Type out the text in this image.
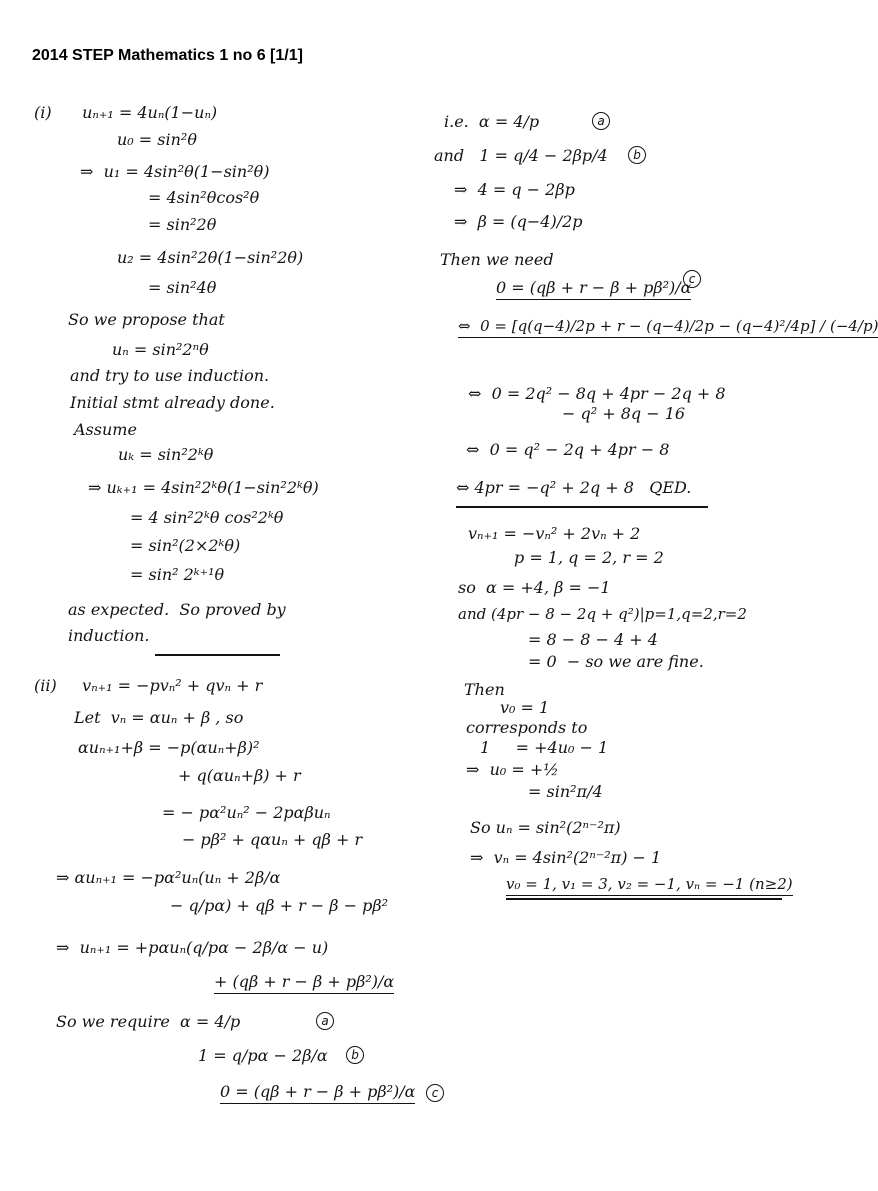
2014 STEP Mathematics 1 no 6 [1/1]
(i)      uₙ₊₁ = 4uₙ(1−uₙ)
u₀ = sin²θ
⇒  u₁ = 4sin²θ(1−sin²θ)
= 4sin²θcos²θ
= sin²2θ
u₂ = 4sin²2θ(1−sin²2θ)
= sin²4θ
So we propose that
uₙ = sin²2ⁿθ
and try to use induction.
Initial stmt already done.
Assume
uₖ = sin²2ᵏθ
⇒ uₖ₊₁ = 4sin²2ᵏθ(1−sin²2ᵏθ)
= 4 sin²2ᵏθ cos²2ᵏθ
= sin²(2×2ᵏθ)
= sin² 2ᵏ⁺¹θ
as expected.  So proved by
induction.
(ii)     vₙ₊₁ = −pvₙ² + qvₙ + r
Let  vₙ = αuₙ + β , so
αuₙ₊₁+β = −p(αuₙ+β)²
+ q(αuₙ+β) + r
= − pα²uₙ² − 2pαβuₙ
− pβ² + qαuₙ + qβ + r
⇒ αuₙ₊₁ = −pα²uₙ(uₙ + 2β/α
− q/pα) + qβ + r − β − pβ²
⇒  uₙ₊₁ = +pαuₙ(q/pα − 2β/α − u)
+ (qβ + r − β + pβ²)/α
So we require  α = 4/p
1 = q/pα − 2β/α
0 = (qβ + r − β + pβ²)/α
a
b
c
i.e.  α = 4/p
and   1 = q/4 − 2βp/4
⇒  4 = q − 2βp
⇒  β = (q−4)/2p
Then we need
0 = (qβ + r − β + pβ²)/α
⇔  0 = [q(q−4)/2p + r − (q−4)/2p − (q−4)²/4p] / (−4/p)
⇔  0 = 2q² − 8q + 4pr − 2q + 8
− q² + 8q − 16
⇔  0 = q² − 2q + 4pr − 8
⇔ 4pr = −q² + 2q + 8   QED.
vₙ₊₁ = −vₙ² + 2vₙ + 2
p = 1, q = 2, r = 2
so  α = +4, β = −1
and (4pr − 8 − 2q + q²)|p=1,q=2,r=2
= 8 − 8 − 4 + 4
= 0  − so we are fine.
Then
v₀ = 1
corresponds to
1     = +4u₀ − 1
⇒  u₀ = +½
= sin²π/4
So uₙ = sin²(2ⁿ⁻²π)
⇒  vₙ = 4sin²(2ⁿ⁻²π) − 1
v₀ = 1, v₁ = 3, v₂ = −1, vₙ = −1 (n≥2)
a
b
c
